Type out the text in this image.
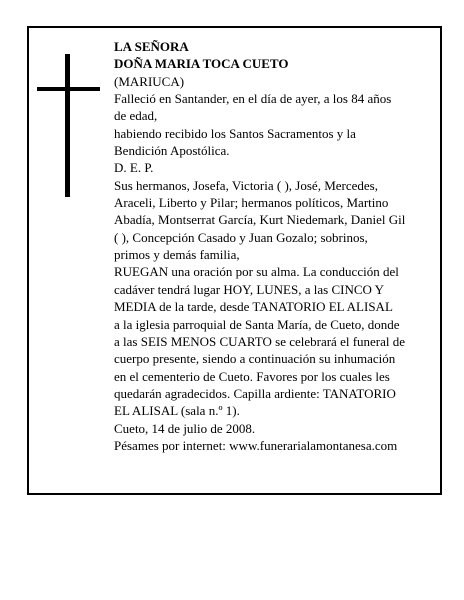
LA SEÑORA

DOÑA MARIA TOCA CUETO

(MARIUCA)

Falleció en Santander, en el día de ayer, a los 84 años
de edad,

habiendo recibido los Santos Sacramentos y la
Bendición Apostólica.

D. E. P.

Sus hermanos, Josefa, Victoria ( ), José, Mercedes,
Araceli, Liberto y Pilar; hermanos políticos, Martino
Abadía, Montserrat García, Kurt Niedemark, Daniel Gil
( ), Concepción Casado y Juan Gozalo; sobrinos,
primos y demás familia,

RUEGAN una oración por su alma. La conducción del
cadáver tendrá lugar HOY, LUNES, a las CINCO Y
MEDIA de la tarde, desde TANATORIO EL ALISAL
a la iglesia parroquial de Santa María, de Cueto, donde
a las SEIS MENOS CUARTO se celebrará el funeral de
cuerpo presente, siendo a continuación su inhumación
en el cementerio de Cueto. Favores por los cuales les
quedarán agradecidos. Capilla ardiente: TANATORIO
EL ALISAL (sala n.º 1).

Cueto, 14 de julio de 2008.

Pésames por internet: www.funerarialamontanesa.com
